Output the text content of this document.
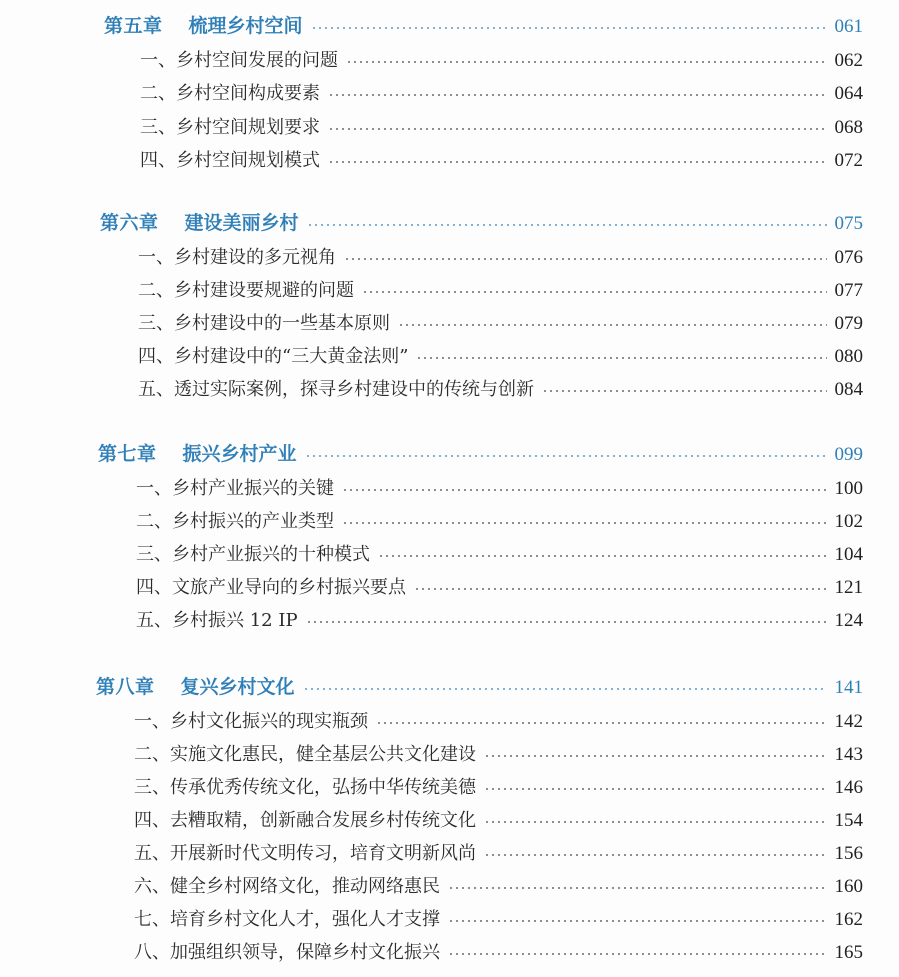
第五章 梳理乡村空间	061
一、乡村空间发展的问题	062
二、乡村空间构成要素	064
三、乡村空间规划要求	068
四、乡村空间规划模式	072
第六章 建设美丽乡村	075
一、乡村建设的多元视角	076
二、乡村建设要规避的问题	077
三、乡村建设中的一些基本原则	079
四、乡村建设中的“三大黄金法则”	080
五、透过实际案例，探寻乡村建设中的传统与创新	084
第七章 振兴乡村产业	099
一、乡村产业振兴的关键	100
二、乡村振兴的产业类型	102
三、乡村产业振兴的十种模式	104
四、文旅产业导向的乡村振兴要点	121
五、乡村振兴 12 IP	124
第八章 复兴乡村文化	141
一、乡村文化振兴的现实瓶颈	142
二、实施文化惠民，健全基层公共文化建设	143
三、传承优秀传统文化，弘扬中华传统美德	146
四、去糟取精，创新融合发展乡村传统文化	154
五、开展新时代文明传习，培育文明新风尚	156
六、健全乡村网络文化，推动网络惠民	160
七、培育乡村文化人才，强化人才支撑	162
八、加强组织领导，保障乡村文化振兴	165
